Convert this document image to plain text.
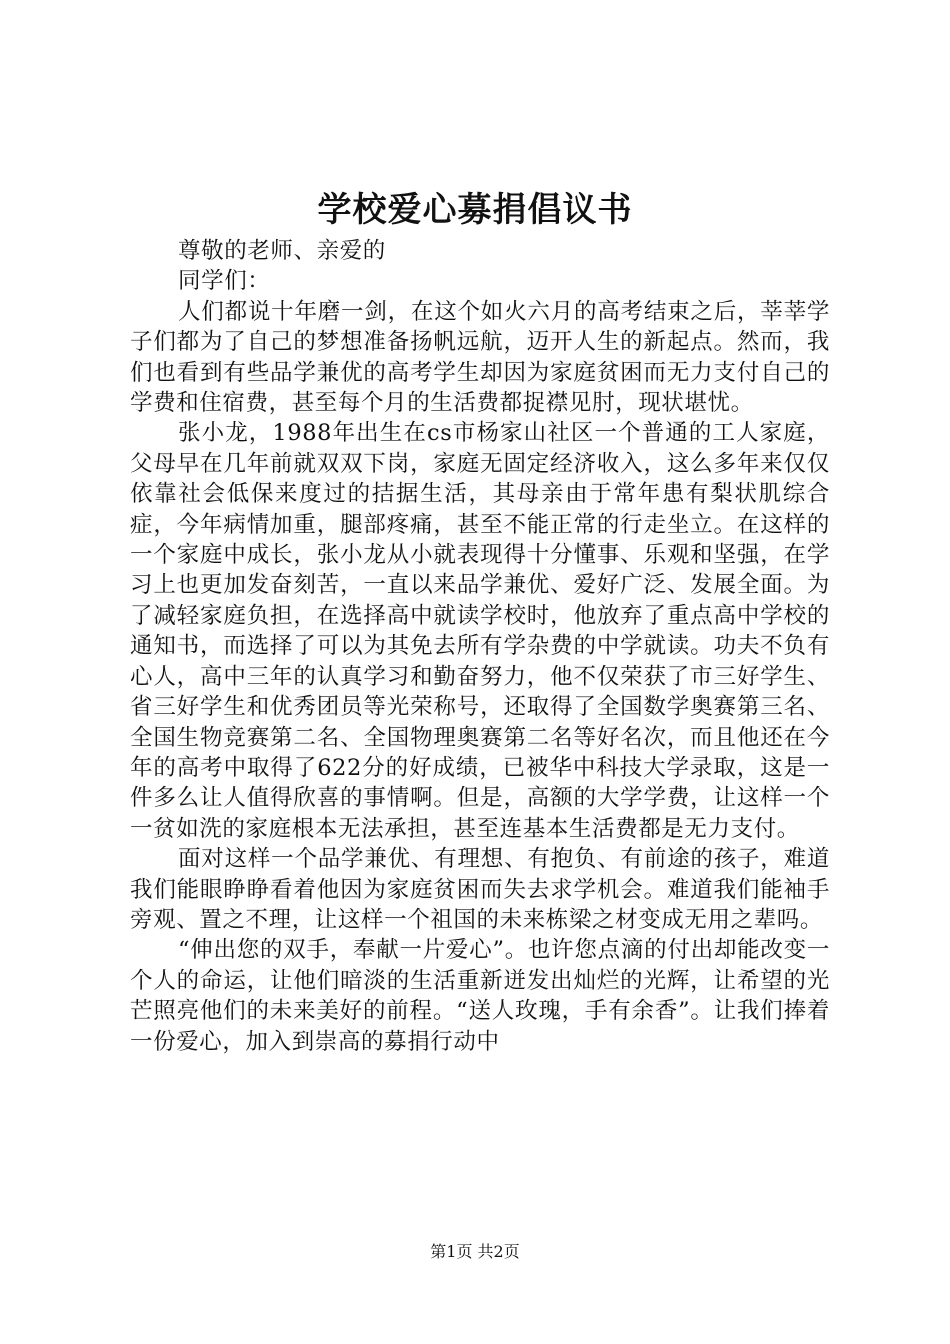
学校爱心募捐倡议书

尊敬的老师、亲爱的

同学们：

人们都说十年磨一剑，在这个如火六月的高考结束之后，莘莘学子们都为了自己的梦想准备扬帆远航，迈开人生的新起点。然而，我们也看到有些品学兼优的高考学生却因为家庭贫困而无力支付自己的学费和住宿费，甚至每个月的生活费都捉襟见肘，现状堪忧。

张小龙，1988年出生在cs市杨家山社区一个普通的工人家庭，父母早在几年前就双双下岗，家庭无固定经济收入，这么多年来仅仅依靠社会低保来度过的拮据生活，其母亲由于常年患有梨状肌综合症，今年病情加重，腿部疼痛，甚至不能正常的行走坐立。在这样的一个家庭中成长，张小龙从小就表现得十分懂事、乐观和坚强，在学习上也更加发奋刻苦，一直以来品学兼优、爱好广泛、发展全面。为了减轻家庭负担，在选择高中就读学校时，他放弃了重点高中学校的通知书，而选择了可以为其免去所有学杂费的中学就读。功夫不负有心人，高中三年的认真学习和勤奋努力，他不仅荣获了市三好学生、省三好学生和优秀团员等光荣称号，还取得了全国数学奥赛第三名、全国生物竞赛第二名、全国物理奥赛第二名等好名次，而且他还在今年的高考中取得了622分的好成绩，已被华中科技大学录取，这是一件多么让人值得欣喜的事情啊。但是，高额的大学学费，让这样一个一贫如洗的家庭根本无法承担，甚至连基本生活费都是无力支付。

面对这样一个品学兼优、有理想、有抱负、有前途的孩子，难道我们能眼睁睁看着他因为家庭贫困而失去求学机会。难道我们能袖手旁观、置之不理，让这样一个祖国的未来栋梁之材变成无用之辈吗。

“伸出您的双手，奉献一片爱心”。也许您点滴的付出却能改变一个人的命运，让他们暗淡的生活重新迸发出灿烂的光辉，让希望的光芒照亮他们的未来美好的前程。“送人玫瑰，手有余香”。让我们捧着一份爱心，加入到崇高的募捐行动中

第1页 共2页
